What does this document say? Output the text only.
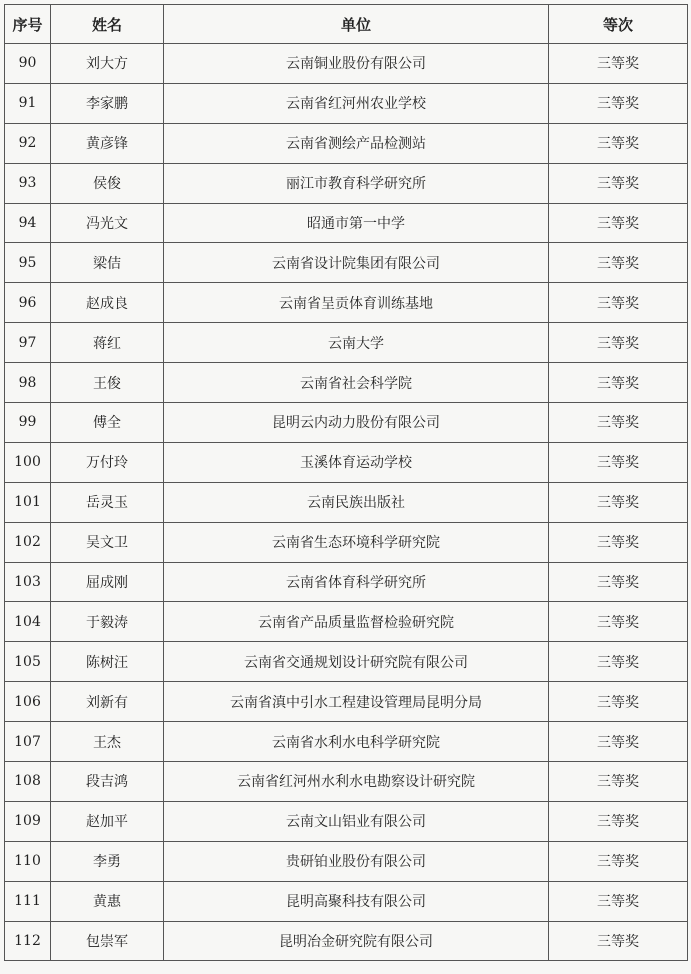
序号	姓名	单位	等次
90	刘大方	云南铜业股份有限公司	三等奖
91	李家鹏	云南省红河州农业学校	三等奖
92	黄彦锋	云南省测绘产品检测站	三等奖
93	侯俊	丽江市教育科学研究所	三等奖
94	冯光文	昭通市第一中学	三等奖
95	梁佶	云南省设计院集团有限公司	三等奖
96	赵成良	云南省呈贡体育训练基地	三等奖
97	蒋红	云南大学	三等奖
98	王俊	云南省社会科学院	三等奖
99	傅全	昆明云内动力股份有限公司	三等奖
100	万付玲	玉溪体育运动学校	三等奖
101	岳灵玉	云南民族出版社	三等奖
102	吴文卫	云南省生态环境科学研究院	三等奖
103	屈成刚	云南省体育科学研究所	三等奖
104	于毅涛	云南省产品质量监督检验研究院	三等奖
105	陈树汪	云南省交通规划设计研究院有限公司	三等奖
106	刘新有	云南省滇中引水工程建设管理局昆明分局	三等奖
107	王杰	云南省水利水电科学研究院	三等奖
108	段吉鸿	云南省红河州水利水电勘察设计研究院	三等奖
109	赵加平	云南文山铝业有限公司	三等奖
110	李勇	贵研铂业股份有限公司	三等奖
111	黄惠	昆明高聚科技有限公司	三等奖
112	包崇军	昆明冶金研究院有限公司	三等奖
